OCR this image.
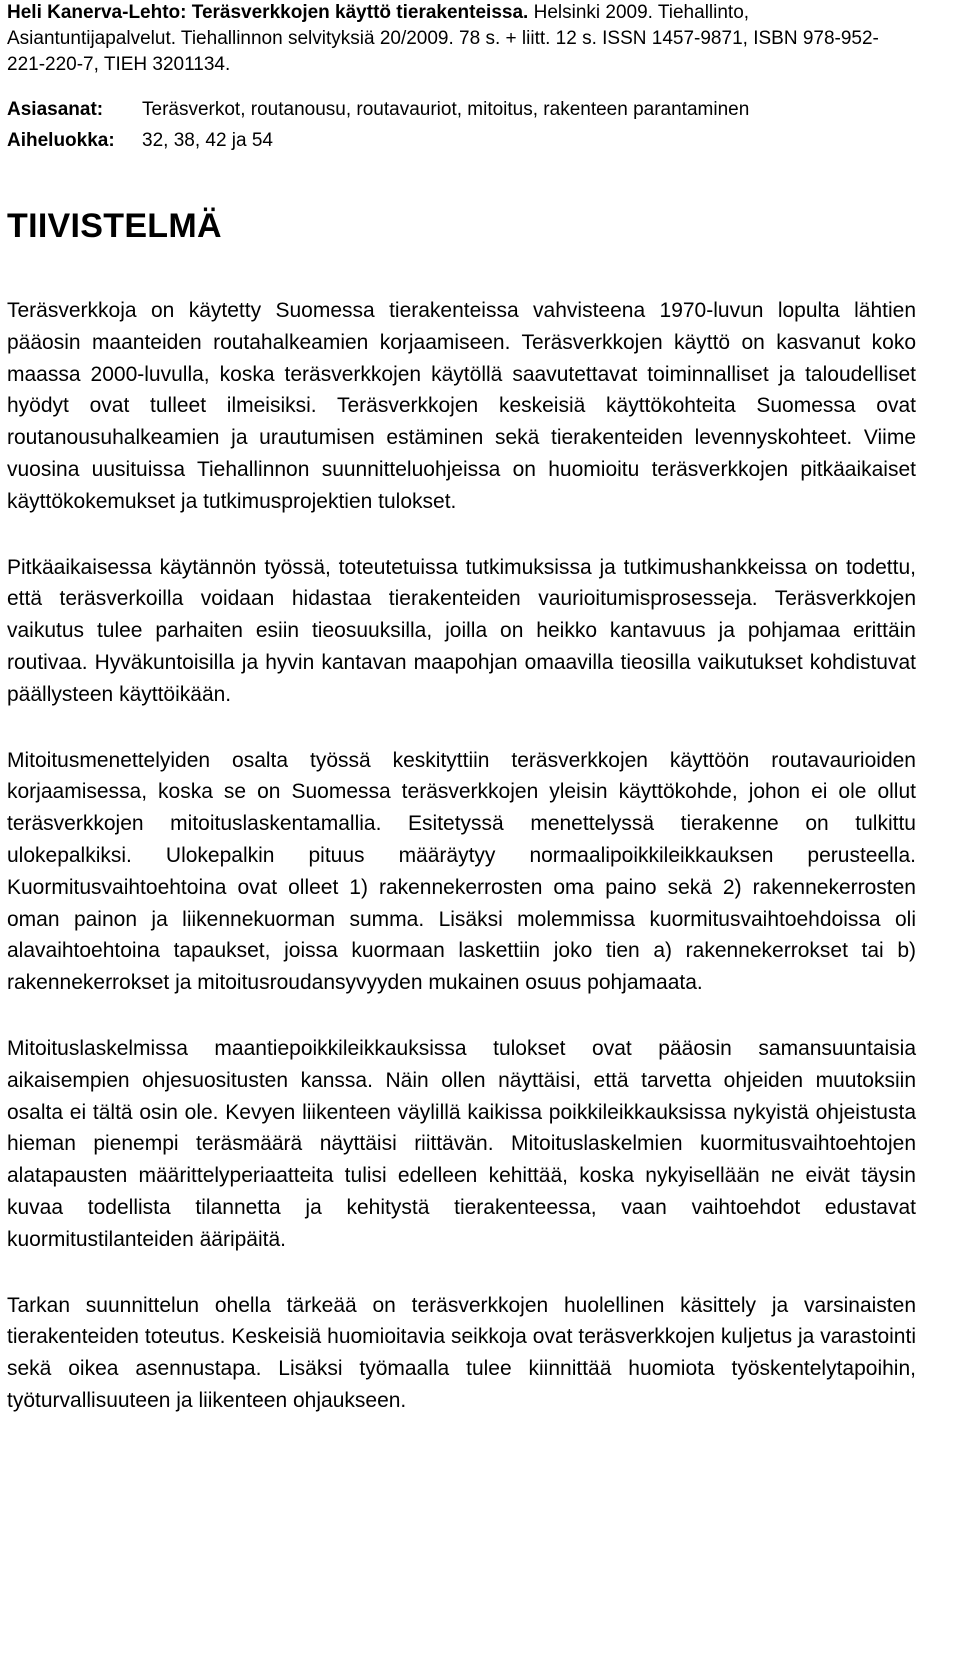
Heli Kanerva-Lehto: Teräsverkkojen käyttö tierakenteissa. Helsinki 2009. Tiehallinto, Asiantuntijapalvelut. Tiehallinnon selvityksiä 20/2009. 78 s. + liitt. 12 s. ISSN 1457-9871, ISBN 978-952-221-220-7, TIEH 3201134.

Asiasanat:	Teräsverkot, routanousu, routavauriot, mitoitus, rakenteen parantaminen
Aiheluokka:	32, 38, 42 ja 54
TIIVISTELMÄ

Teräsverkkoja on käytetty Suomessa tierakenteissa vahvisteena 1970-luvun lopulta lähtien pääosin maanteiden routahalkeamien korjaamiseen. Teräsverkkojen käyttö on kasvanut koko maassa 2000-luvulla, koska teräsverkkojen käytöllä saavutettavat toiminnalliset ja taloudelliset hyödyt ovat tulleet ilmeisiksi. Teräsverkkojen keskeisiä käyttökohteita Suomessa ovat routanousuhalkeamien ja urautumisen estäminen sekä tierakenteiden levennyskohteet. Viime vuosina uusituissa Tiehallinnon suunnitteluohjeissa on huomioitu teräsverkkojen pitkäaikaiset käyttökokemukset ja tutkimusprojektien tulokset.

Pitkäaikaisessa käytännön työssä, toteutetuissa tutkimuksissa ja tutkimushankkeissa on todettu, että teräsverkoilla voidaan hidastaa tierakenteiden vaurioitumisprosesseja. Teräsverkkojen vaikutus tulee parhaiten esiin tieosuuksilla, joilla on heikko kantavuus ja pohjamaa erittäin routivaa. Hyväkuntoisilla ja hyvin kantavan maapohjan omaavilla tieosilla vaikutukset kohdistuvat päällysteen käyttöikään.

Mitoitusmenettelyiden osalta työssä keskityttiin teräsverkkojen käyttöön routavaurioiden korjaamisessa, koska se on Suomessa teräsverkkojen yleisin käyttökohde, johon ei ole ollut teräsverkkojen mitoituslaskentamallia. Esitetyssä menettelyssä tierakenne on tulkittu ulokepalkiksi. Ulokepalkin pituus määräytyy normaalipoikkileikkauksen perusteella. Kuormitusvaihtoehtoina ovat olleet 1) rakennekerrosten oma paino sekä 2) rakennekerrosten oman painon ja liikennekuorman summa. Lisäksi molemmissa kuormitusvaihtoehdoissa oli alavaihtoehtoina tapaukset, joissa kuormaan laskettiin joko tien a) rakennekerrokset tai b) rakennekerrokset ja mitoitusroudansyvyyden mukainen osuus pohjamaata.

Mitoituslaskelmissa maantiepoikkileikkauksissa tulokset ovat pääosin samansuuntaisia aikaisempien ohjesuositusten kanssa. Näin ollen näyttäisi, että tarvetta ohjeiden muutoksiin osalta ei tältä osin ole. Kevyen liikenteen väylillä kaikissa poikkileikkauksissa nykyistä ohjeistusta hieman pienempi teräsmäärä näyttäisi riittävän. Mitoituslaskelmien kuormitusvaihtoehtojen alatapausten määrittelyperiaatteita tulisi edelleen kehittää, koska nykyisellään ne eivät täysin kuvaa todellista tilannetta ja kehitystä tierakenteessa, vaan vaihtoehdot edustavat kuormitustilanteiden ääripäitä.

Tarkan suunnittelun ohella tärkeää on teräsverkkojen huolellinen käsittely ja varsinaisten tierakenteiden toteutus. Keskeisiä huomioitavia seikkoja ovat teräsverkkojen kuljetus ja varastointi sekä oikea asennustapa. Lisäksi työmaalla tulee kiinnittää huomiota työskentelytapoihin, työturvallisuuteen ja liikenteen ohjaukseen.
